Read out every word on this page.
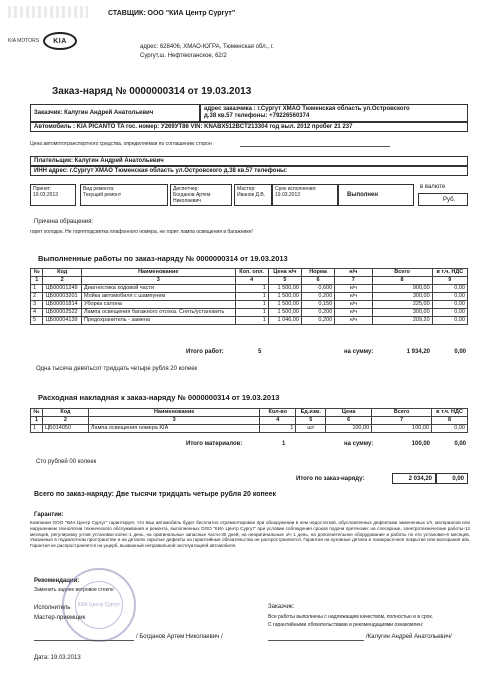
KIA MOTORS	KIA
СТАВЩИК: ООО "КИА Центр Сургут"
адрес: 628406, ХМАО-ЮГРА, Тюменская обл., г.
Сургут,ш. Нефтеюганское, 62/2
Заказ-наряд № 0000000314 от 19.03.2013
Заказчик: Калугин Андрей Анатольевич
адрес заказчика : г.Сургут ХМАО Тюменская область ул.Островского
д.38 кв.57 телефоны: +79226560374
Автомобиль : KIA PICANTO TA гос. номер: У269УТ86 VIN: KNABX512BCT213304 год выл. 2012 пробег 21 237
Цена автомототранспортного средства, определяемая по соглашению сторон
Плательщик: Калугин Андрей Анатольевич
ИНН адрес: г.Сургут ХМАО Тюменская область ул.Островского д.38 кв.57 телефоны:
Принят:
19.03.2013
Вид ремонта:
Текущий ремонт
Диспетчер:
Богданов Артем Николаевич
Мастер:
Иванов Д.В.
Срок исполнения:
19.03.2013	Выполнен
в валюте
Руб.
Причина обращения:
горит холодок. Не горятподсветка плафонного номера, не горит лампа освещения в багажнике!
Выполненные работы по заказ-наряду № 0000000314 от 19.03.2013
№	Код	Наименование	Кол. опл.	Цена н/ч	Норма	н/ч	Всего	в т.ч. НДС
1	2	3	4	5	6	7	8	9
1	ЦБ00001249	Диагностика ходовой части	1	1 500,00	0,600	н/ч	900,00	0,00
2	ЦБ00003201	Мойка автомобиля с шампунем	1	1 500,00	0,200	н/ч	300,00	0,00
3	ЦБ00001814	Уборка салона	1	1 500,00	0,150	н/ч	225,00	0,00
4	ЦБ00002522	Лампа освещения багажного отсека. Снять/установить	1	1 500,00	0,200	н/ч	300,00	0,00
5	ЦБ00004139	Предохранитель - замена	1	1 046,00	0,200	н/ч	209,20	0,00
Итого работ:	5	на сумму:	1 934,20	0,00
Одна тысяча девятьсот тридцать четыре рубля 20 копеек
Расходная накладная к заказ-наряду № 0000000314 от 19.03.2013
№	Код	Наименование	Кол-во	Ед.изм.	Цена	Всего	в т.ч. НДС
1	2	3	4	5	6	7	8
1	ЦБ014050	Лампа освещения номера KIA	1	шт	100,00	100,00	0,00
Итого материалов:	1	на сумму:	100,00	0,00
Сто рублей 00 копеек
Итого по заказ-наряду:	2 034,20	0,00
Всего по заказ-наряду: Две тысячи тридцать четыре рубля 20 копеек
Гарантии:
Компания ООО "КИА Центр Сургут" гарантирует, что ваш автомобиль будет бесплатно отремонтирован при обнаружении в нем недостатков, обусловленных дефектами замененных з/ч, материалов или нарушением технологии технического обслуживания и ремонта, выполненных ООО "КИА Центр Сургут" при условии соблюдения сроков подачи претензии: на слесарные, электротехнические работы-12 месяцев, регулировку углов установки колес-1 день, на оригинальные запасные части-30 дней, на неоригинальные з/ч 1 день, на дополнительное оборудование и работы по его установке-6 месяцев. Указанные в подкапотном пространстве и на деталях скрытые дефекты на гарантийные обязательства не распространяются. Гарантия на кузовные детали и лакокрасочное покрытие или возгорания а/м. Гарантия не распространяется на ущерб, вызванный неправильной эксплуатацией автомобиля.
Рекомендации:
Заменить заднее ветровое стекло
КИА Центр Сургут
Исполнитель
Мастер-приемщик
/ Богданов Артем Николаевич /
Дата: 19.03.2013
Заказчик:
Все работы выполнены с надлежащим качеством, полностью и в срок.
С гарантийными обязательствами и рекомендациями ознакомлен:
/Калугин Андрей Анатольевич/
